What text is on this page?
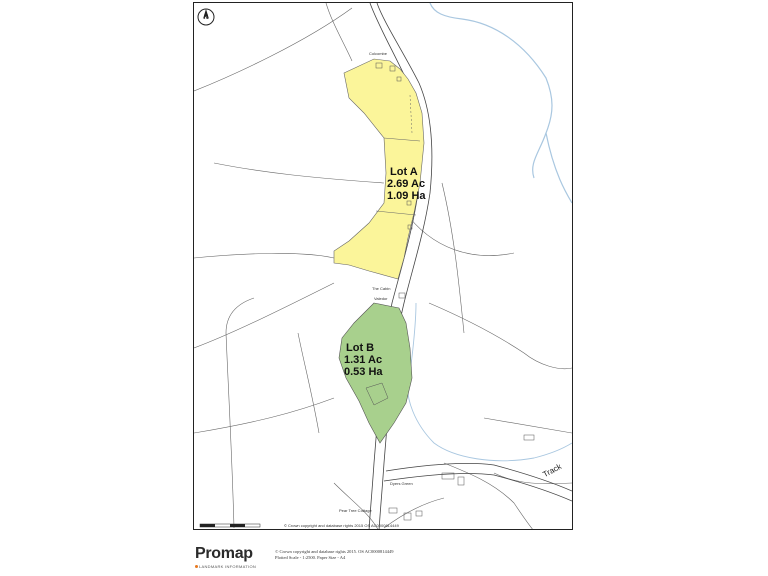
N
Colcombe
The Cabin
Valedor
Dyers Green
Pear Tree Cottage
Track
Lot A
2.69 Ac
1.09 Ha
Lot B
1.31 Ac
0.53 Ha
© Crown copyright and database rights 2015 OS AC0000814449
Promap
LANDMARK INFORMATION
© Crown copyright and database rights 2015. OS AC0000814449
Plotted Scale - 1:2500. Paper Size - A4
